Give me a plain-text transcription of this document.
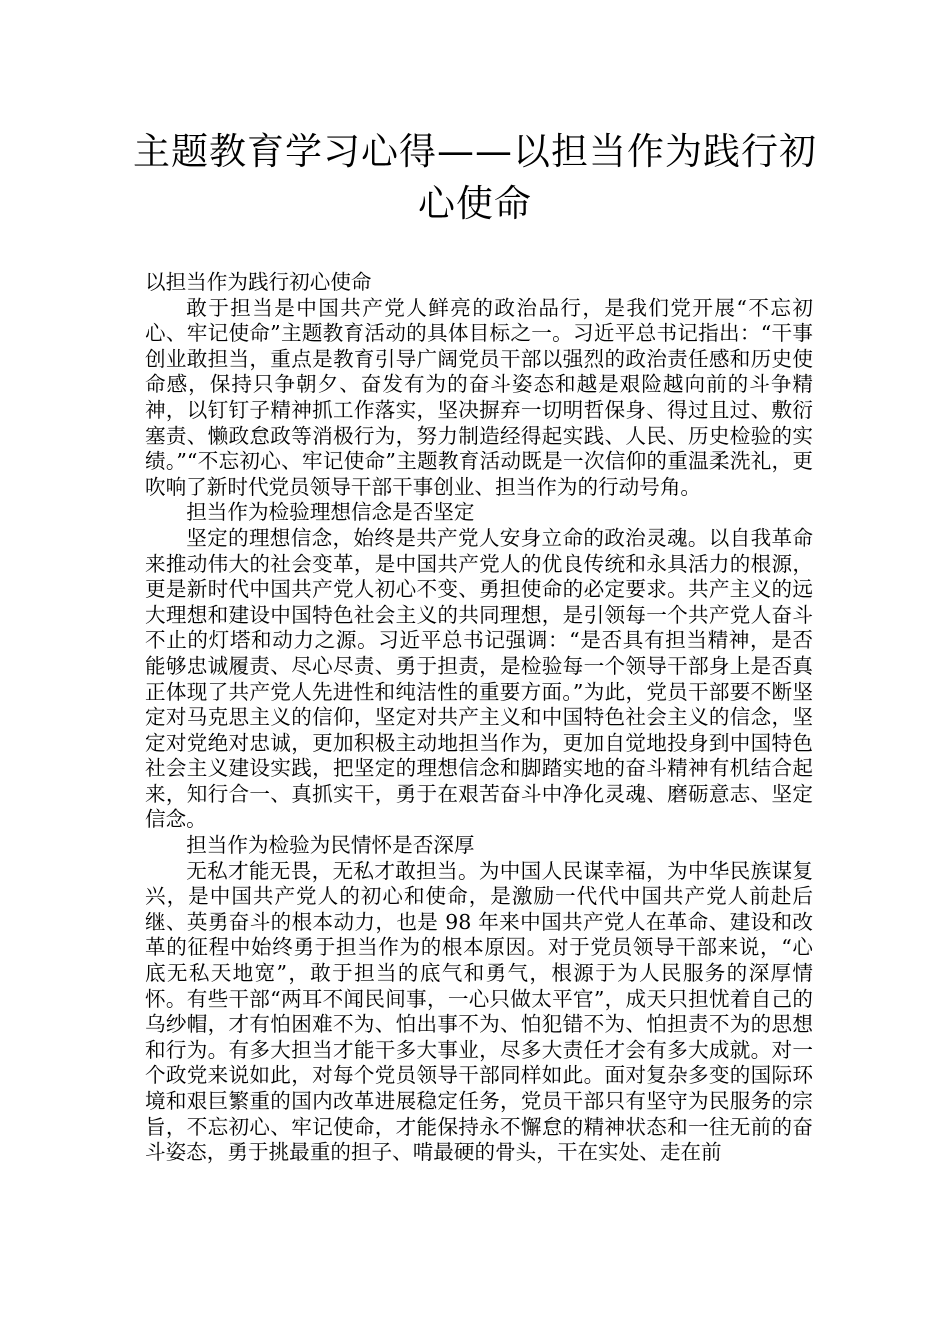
主题教育学习心得——以担当作为践行初心使命

以担当作为践行初心使命

敢于担当是中国共产党人鲜亮的政治品行，是我们党开展“不忘初心、牢记使命”主题教育活动的具体目标之一。习近平总书记指出：“干事创业敢担当，重点是教育引导广阔党员干部以强烈的政治责任感和历史使命感，保持只争朝夕、奋发有为的奋斗姿态和越是艰险越向前的斗争精神，以钉钉子精神抓工作落实，坚决摒弃一切明哲保身、得过且过、敷衍塞责、懒政怠政等消极行为，努力制造经得起实践、人民、历史检验的实绩。”“不忘初心、牢记使命”主题教育活动既是一次信仰的重温柔洗礼，更吹响了新时代党员领导干部干事创业、担当作为的行动号角。

担当作为检验理想信念是否坚定

坚定的理想信念，始终是共产党人安身立命的政治灵魂。以自我革命来推动伟大的社会变革，是中国共产党人的优良传统和永具活力的根源，更是新时代中国共产党人初心不变、勇担使命的必定要求。共产主义的远大理想和建设中国特色社会主义的共同理想，是引领每一个共产党人奋斗不止的灯塔和动力之源。习近平总书记强调：“是否具有担当精神，是否能够忠诚履责、尽心尽责、勇于担责，是检验每一个领导干部身上是否真正体现了共产党人先进性和纯洁性的重要方面。”为此，党员干部要不断坚定对马克思主义的信仰，坚定对共产主义和中国特色社会主义的信念，坚定对党绝对忠诚，更加积极主动地担当作为，更加自觉地投身到中国特色社会主义建设实践，把坚定的理想信念和脚踏实地的奋斗精神有机结合起来，知行合一、真抓实干，勇于在艰苦奋斗中净化灵魂、磨砺意志、坚定信念。

担当作为检验为民情怀是否深厚

无私才能无畏，无私才敢担当。为中国人民谋幸福，为中华民族谋复兴，是中国共产党人的初心和使命，是激励一代代中国共产党人前赴后继、英勇奋斗的根本动力，也是 98 年来中国共产党人在革命、建设和改革的征程中始终勇于担当作为的根本原因。对于党员领导干部来说，“心底无私天地宽”，敢于担当的底气和勇气，根源于为人民服务的深厚情怀。有些干部“两耳不闻民间事，一心只做太平官”，成天只担忧着自己的乌纱帽，才有怕困难不为、怕出事不为、怕犯错不为、怕担责不为的思想和行为。有多大担当才能干多大事业，尽多大责任才会有多大成就。对一个政党来说如此，对每个党员领导干部同样如此。面对复杂多变的国际环境和艰巨繁重的国内改革进展稳定任务，党员干部只有坚守为民服务的宗旨，不忘初心、牢记使命，才能保持永不懈怠的精神状态和一往无前的奋斗姿态，勇于挑最重的担子、啃最硬的骨头，干在实处、走在前
